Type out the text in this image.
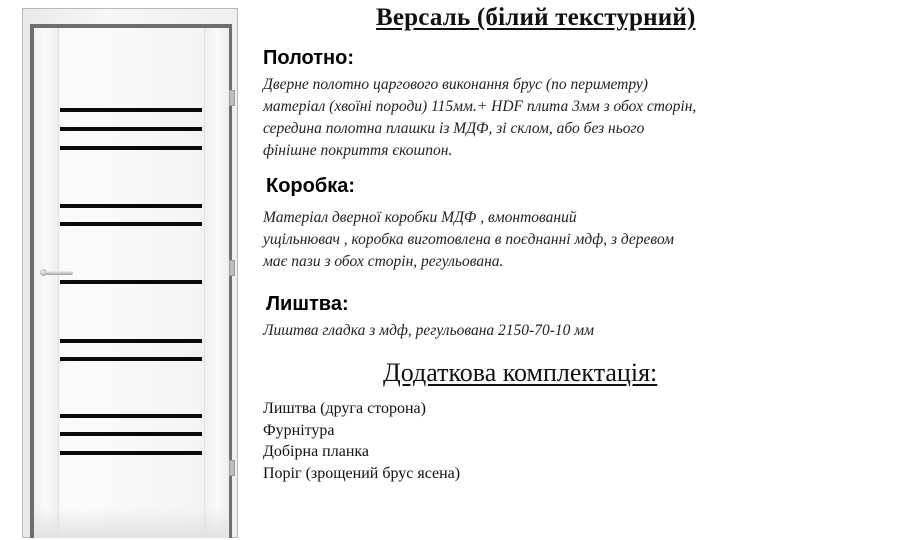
Версаль (білий текстурний)
Полотно:
Дверне полотно царгового виконання брус (по периметру)
матеріал (хвоїні породи) 115мм.+ HDF плита 3мм з обох сторін,
середина полотна плашки із МДФ, зі склом, або без нього
фінішне покриття єкошпон.
Коробка:
Матеріал дверної коробки МДФ , вмонтований
ущільнювач , коробка виготовлена в поєднанні мдф, з деревом
має пази з обох сторін, регульована.
Лиштва:
Лиштва гладка з мдф, регульована 2150-70-10 мм
Додаткова комплектація:
Лиштва (друга сторона)
Фурнітура
Добірна планка
Поріг (зрощений брус ясена)
